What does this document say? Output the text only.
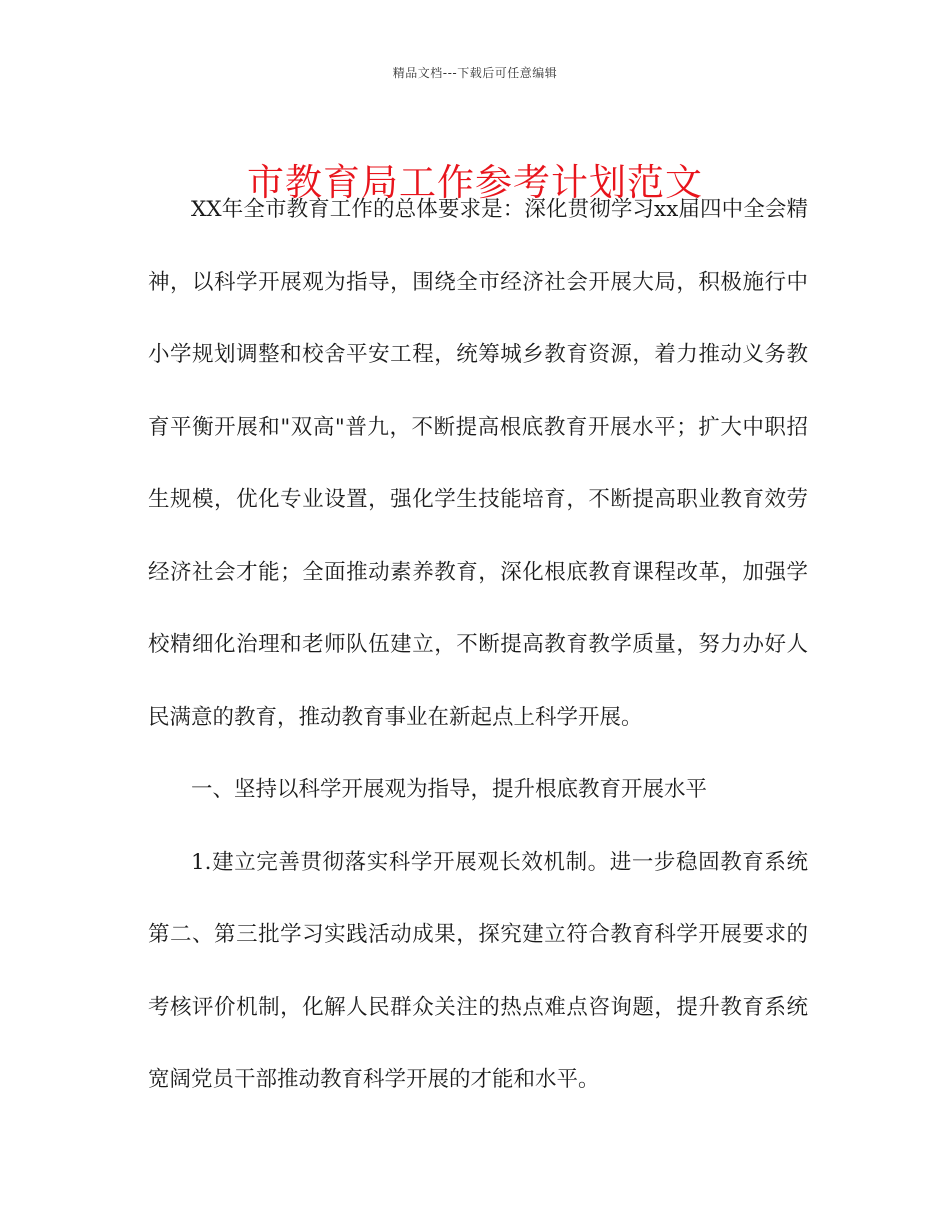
精品文档---下载后可任意编辑
市教育局工作参考计划范文

XX年全市教育工作的总体要求是：深化贯彻学习xx届四中全会精神，以科学开展观为指导，围绕全市经济社会开展大局，积极施行中小学规划调整和校舍平安工程，统筹城乡教育资源，着力推动义务教育平衡开展和"双高"普九，不断提高根底教育开展水平；扩大中职招生规模，优化专业设置，强化学生技能培育，不断提高职业教育效劳经济社会才能；全面推动素养教育，深化根底教育课程改革，加强学校精细化治理和老师队伍建立，不断提高教育教学质量，努力办好人民满意的教育，推动教育事业在新起点上科学开展。

一、坚持以科学开展观为指导，提升根底教育开展水平

1.建立完善贯彻落实科学开展观长效机制。进一步稳固教育系统第二、第三批学习实践活动成果，探究建立符合教育科学开展要求的考核评价机制，化解人民群众关注的热点难点咨询题，提升教育系统宽阔党员干部推动教育科学开展的才能和水平。
